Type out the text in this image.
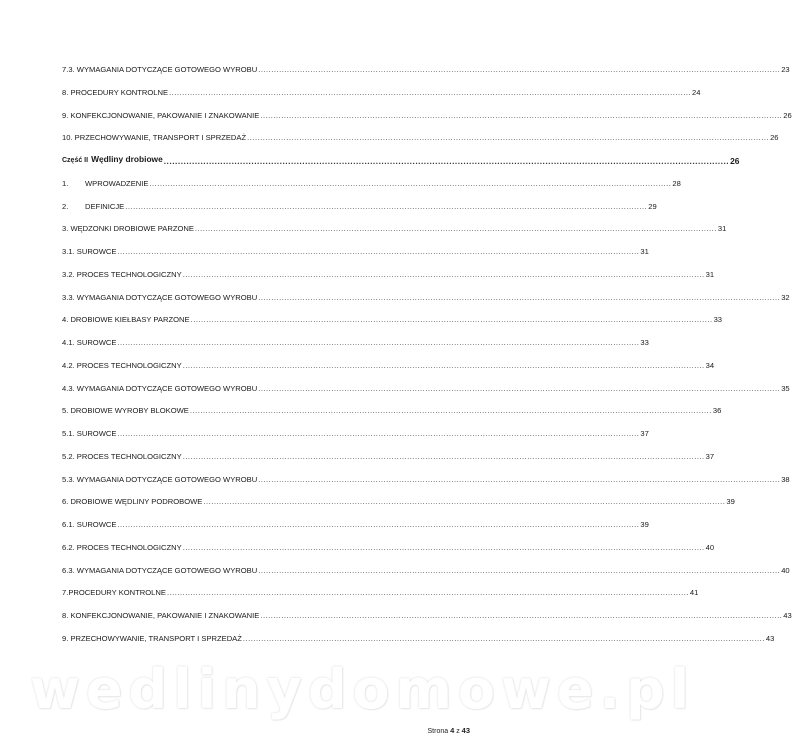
7.3. WYMAGANIA DOTYCZĄCE GOTOWEGO WYROBU ........................................................................................................................................................................................................ 23
8. PROCEDURY KONTROLNE ........................................................................................................................................................................................................ 24
9. KONFEKCJONOWANIE, PAKOWANIE I ZNAKOWANIE ........................................................................................................................................................................................................ 26
10. PRZECHOWYWANIE, TRANSPORT I SPRZEDAŻ ........................................................................................................................................................................................................ 26
Część II Wędliny drobiowe ........................................................................................................................................................................................................ 26
1. WPROWADZENIE ........................................................................................................................................................................................................ 28
2. DEFINICJE ........................................................................................................................................................................................................ 29
3. WĘDZONKI DROBIOWE PARZONE ........................................................................................................................................................................................................ 31
3.1. SUROWCE ........................................................................................................................................................................................................ 31
3.2. PROCES TECHNOLOGICZNY ........................................................................................................................................................................................................ 31
3.3. WYMAGANIA DOTYCZĄCE GOTOWEGO WYROBU ........................................................................................................................................................................................................ 32
4. DROBIOWE KIEŁBASY PARZONE ........................................................................................................................................................................................................ 33
4.1. SUROWCE ........................................................................................................................................................................................................ 33
4.2. PROCES TECHNOLOGICZNY ........................................................................................................................................................................................................ 34
4.3. WYMAGANIA DOTYCZĄCE GOTOWEGO WYROBU ........................................................................................................................................................................................................ 35
5. DROBIOWE WYROBY BLOKOWE ........................................................................................................................................................................................................ 36
5.1. SUROWCE ........................................................................................................................................................................................................ 37
5.2. PROCES TECHNOLOGICZNY ........................................................................................................................................................................................................ 37
5.3. WYMAGANIA DOTYCZĄCE GOTOWEGO WYROBU ........................................................................................................................................................................................................ 38
6. DROBIOWE WĘDLINY PODROBOWE ........................................................................................................................................................................................................ 39
6.1. SUROWCE ........................................................................................................................................................................................................ 39
6.2. PROCES TECHNOLOGICZNY ........................................................................................................................................................................................................ 40
6.3. WYMAGANIA DOTYCZĄCE GOTOWEGO WYROBU ........................................................................................................................................................................................................ 40
7.PROCEDURY KONTROLNE ........................................................................................................................................................................................................ 41
8. KONFEKCJONOWANIE, PAKOWANIE I ZNAKOWANIE ........................................................................................................................................................................................................ 43
9. PRZECHOWYWANIE, TRANSPORT I SPRZEDAŻ ........................................................................................................................................................................................................ 43
wedlinydomowe.pl
Strona 4 z 43
